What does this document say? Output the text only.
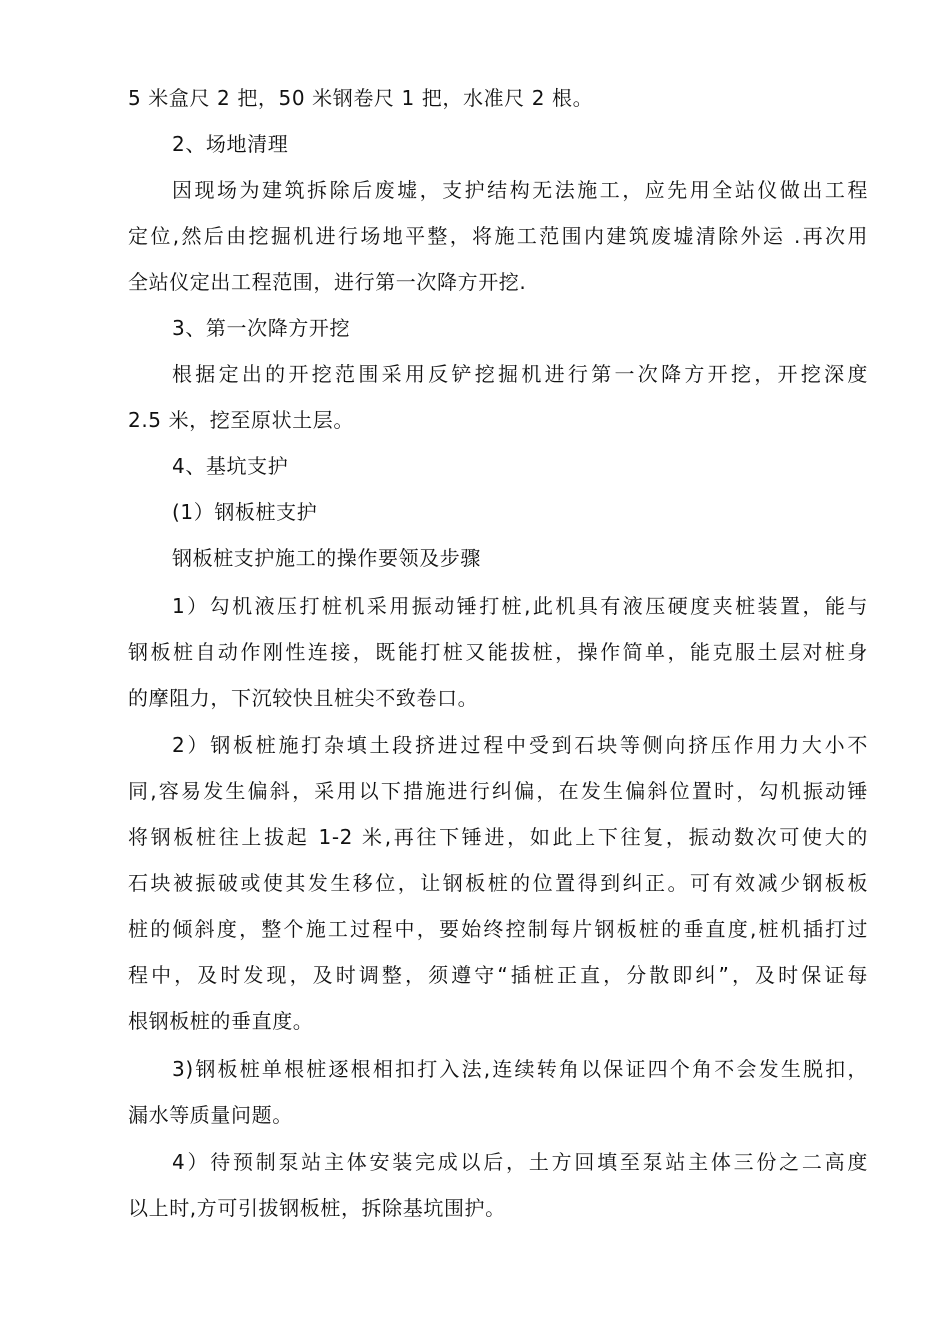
5 米盒尺 2 把，50 米钢卷尺 1 把，水准尺 2 根。
2、场地清理
因现场为建筑拆除后废墟，支护结构无法施工，应先用全站仪做出工程
定位,然后由挖掘机进行场地平整，将施工范围内建筑废墟清除外运 .再次用
全站仪定出工程范围，进行第一次降方开挖.
3、第一次降方开挖
根据定出的开挖范围采用反铲挖掘机进行第一次降方开挖，开挖深度
2.5 米，挖至原状土层。
4、基坑支护
(1）钢板桩支护
钢板桩支护施工的操作要领及步骤
1）勾机液压打桩机采用振动锤打桩,此机具有液压硬度夹桩装置，能与
钢板桩自动作刚性连接，既能打桩又能拔桩，操作简单，能克服土层对桩身
的摩阻力，下沉较快且桩尖不致卷口。
2）钢板桩施打杂填土段挤进过程中受到石块等侧向挤压作用力大小不
同,容易发生偏斜，采用以下措施进行纠偏，在发生偏斜位置时，勾机振动锤
将钢板桩往上拔起 1-2 米,再往下锤进，如此上下往复，振动数次可使大的
石块被振破或使其发生移位，让钢板桩的位置得到纠正。可有效减少钢板板
桩的倾斜度，整个施工过程中，要始终控制每片钢板桩的垂直度,桩机插打过
程中，及时发现，及时调整，须遵守“插桩正直，分散即纠”，及时保证每
根钢板桩的垂直度。
3)钢板桩单根桩逐根相扣打入法,连续转角以保证四个角不会发生脱扣，
漏水等质量问题。
4）待预制泵站主体安装完成以后，土方回填至泵站主体三份之二高度
以上时,方可引拔钢板桩，拆除基坑围护。
